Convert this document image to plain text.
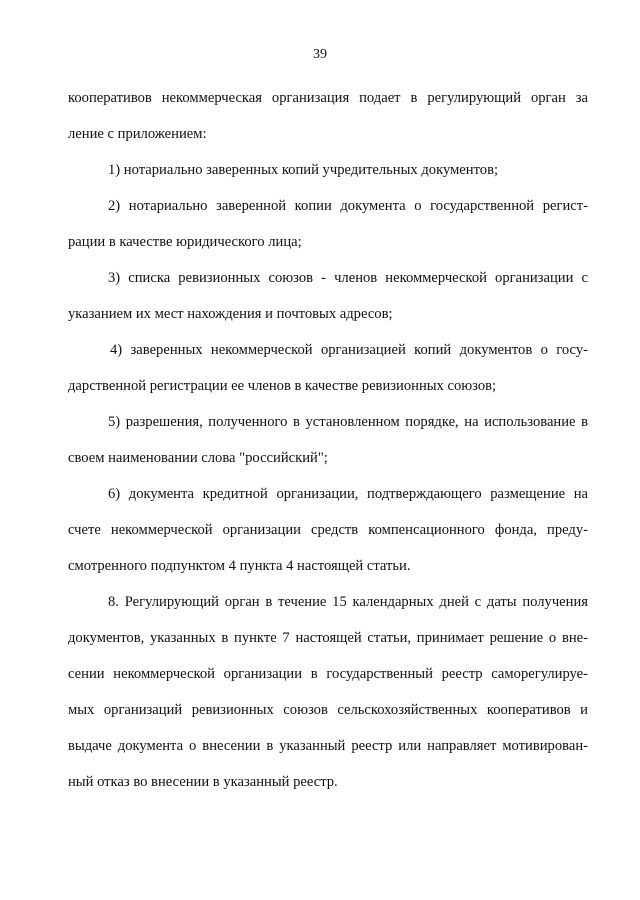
39
кооперативов некоммерческая организация подает в регулирующий орган за
ление с приложением:
1) нотариально заверенных копий учредительных документов;
2) нотариально заверенной копии документа о государственной регист-
рации в качестве юридического лица;
3) списка ревизионных союзов - членов некоммерческой организации с
указанием их мест нахождения и почтовых адресов;
4) заверенных некоммерческой организацией копий документов о госу-
дарственной регистрации ее членов в качестве ревизионных союзов;
5) разрешения, полученного в установленном порядке, на использование в
своем наименовании слова "российский";
6) документа кредитной организации, подтверждающего размещение на
счете некоммерческой организации средств компенсационного фонда, преду-
смотренного подпунктом 4 пункта 4 настоящей статьи.
8. Регулирующий орган в течение 15 календарных дней с даты получения
документов, указанных в пункте 7 настоящей статьи, принимает решение о вне-
сении некоммерческой организации в государственный реестр саморегулируе-
мых организаций ревизионных союзов сельскохозяйственных кооперативов и
выдаче документа о внесении в указанный реестр или направляет мотивирован-
ный отказ во внесении в указанный реестр.
